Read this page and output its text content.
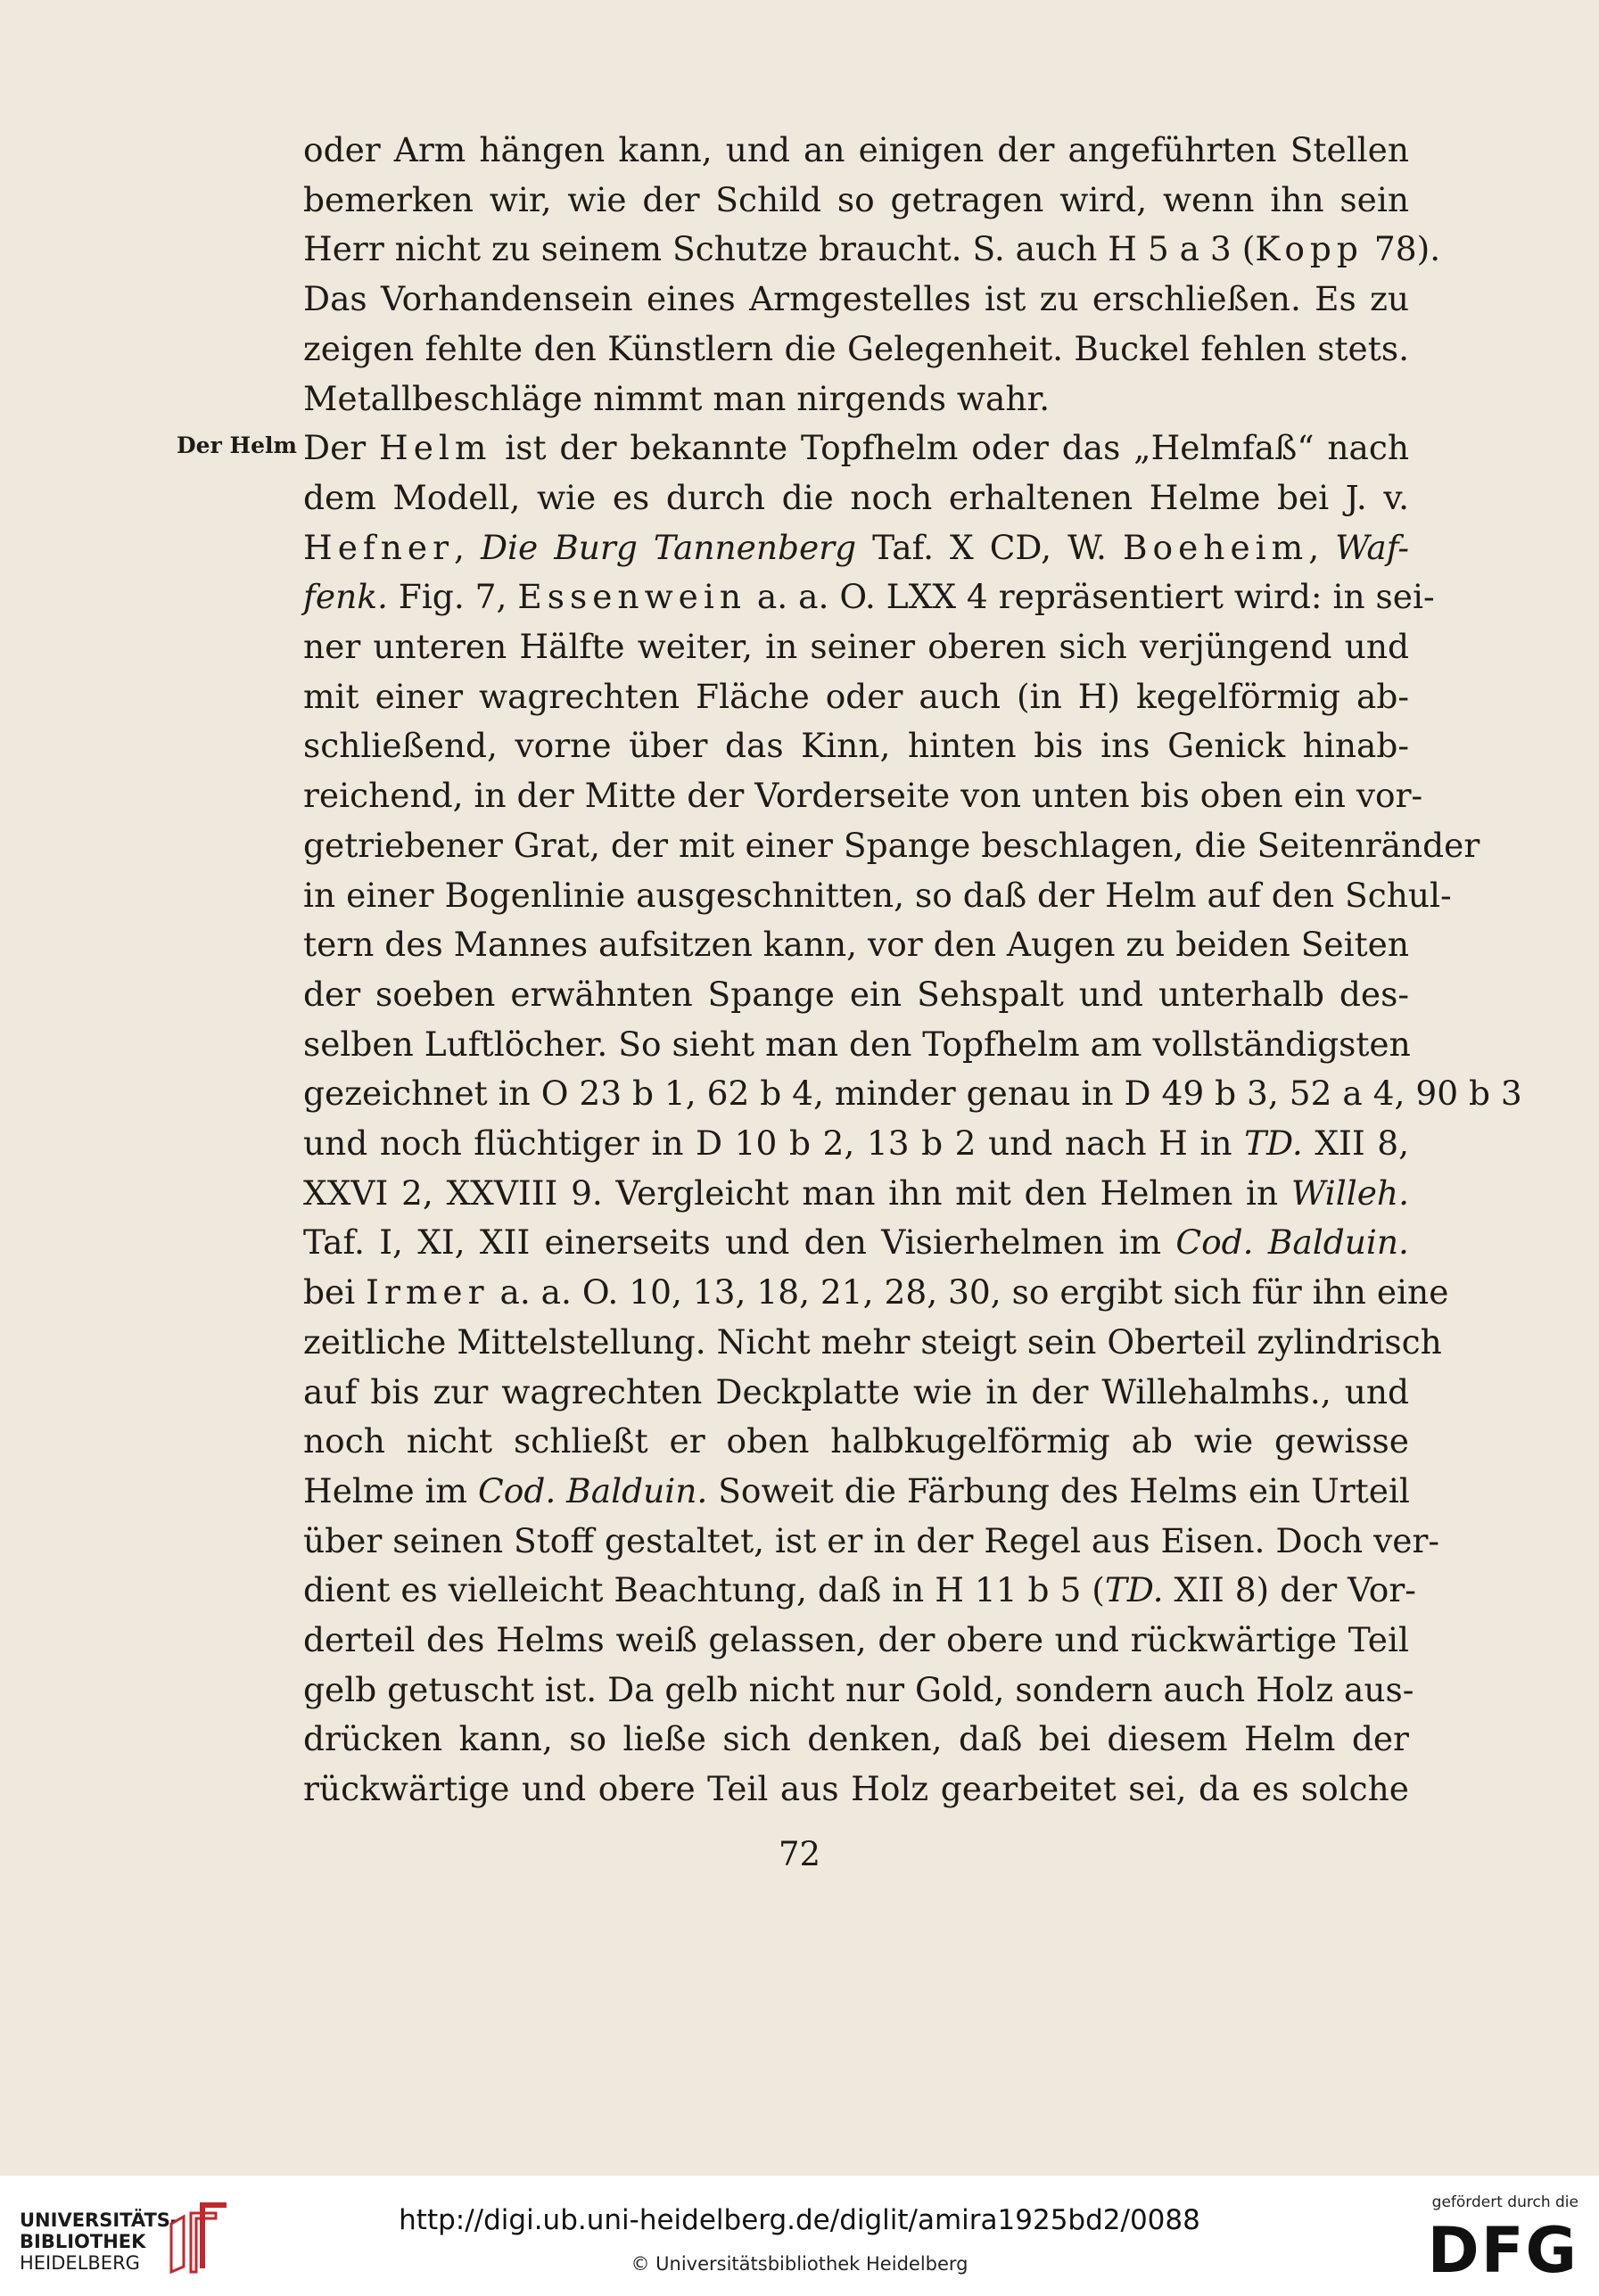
Der Helm
oder Arm hängen kann, und an einigen der angeführten Stellen
bemerken wir, wie der Schild so getragen wird, wenn ihn sein
Herr nicht zu seinem Schutze braucht. S. auch H 5 a 3 (Kopp 78).
Das Vorhandensein eines Armgestelles ist zu erschließen. Es zu
zeigen fehlte den Künstlern die Gelegenheit. Buckel fehlen stets.
Metallbeschläge nimmt man nirgends wahr.
Der Helm ist der bekannte Topfhelm oder das „Helmfaß“ nach
dem Modell, wie es durch die noch erhaltenen Helme bei J. v.
Hefner, Die Burg Tannenberg Taf. X CD, W. Boeheim, Waf-
fenk. Fig. 7, Essenwein a. a. O. LXX 4 repräsentiert wird: in sei-
ner unteren Hälfte weiter, in seiner oberen sich verjüngend und
mit einer wagrechten Fläche oder auch (in H) kegelförmig ab-
schließend, vorne über das Kinn, hinten bis ins Genick hinab-
reichend, in der Mitte der Vorderseite von unten bis oben ein vor-
getriebener Grat, der mit einer Spange beschlagen, die Seitenränder
in einer Bogenlinie ausgeschnitten, so daß der Helm auf den Schul-
tern des Mannes aufsitzen kann, vor den Augen zu beiden Seiten
der soeben erwähnten Spange ein Sehspalt und unterhalb des-
selben Luftlöcher. So sieht man den Topfhelm am vollständigsten
gezeichnet in O 23 b 1, 62 b 4, minder genau in D 49 b 3, 52 a 4, 90 b 3
und noch flüchtiger in D 10 b 2, 13 b 2 und nach H in TD. XII 8,
XXVI 2, XXVIII 9. Vergleicht man ihn mit den Helmen in Willeh.
Taf. I, XI, XII einerseits und den Visierhelmen im Cod. Balduin.
bei Irmer a. a. O. 10, 13, 18, 21, 28, 30, so ergibt sich für ihn eine
zeitliche Mittelstellung. Nicht mehr steigt sein Oberteil zylindrisch
auf bis zur wagrechten Deckplatte wie in der Willehalmhs., und
noch nicht schließt er oben halbkugelförmig ab wie gewisse
Helme im Cod. Balduin. Soweit die Färbung des Helms ein Urteil
über seinen Stoff gestaltet, ist er in der Regel aus Eisen. Doch ver-
dient es vielleicht Beachtung, daß in H 11 b 5 (TD. XII 8) der Vor-
derteil des Helms weiß gelassen, der obere und rückwärtige Teil
gelb getuscht ist. Da gelb nicht nur Gold, sondern auch Holz aus-
drücken kann, so ließe sich denken, daß bei diesem Helm der
rückwärtige und obere Teil aus Holz gearbeitet sei, da es solche
72
UNIVERSITÄTS-
BIBLIOTHEK
HEIDELBERG
http://digi.ub.uni-heidelberg.de/diglit/amira1925bd2/0088
© Universitätsbibliothek Heidelberg
gefördert durch die
DFG
